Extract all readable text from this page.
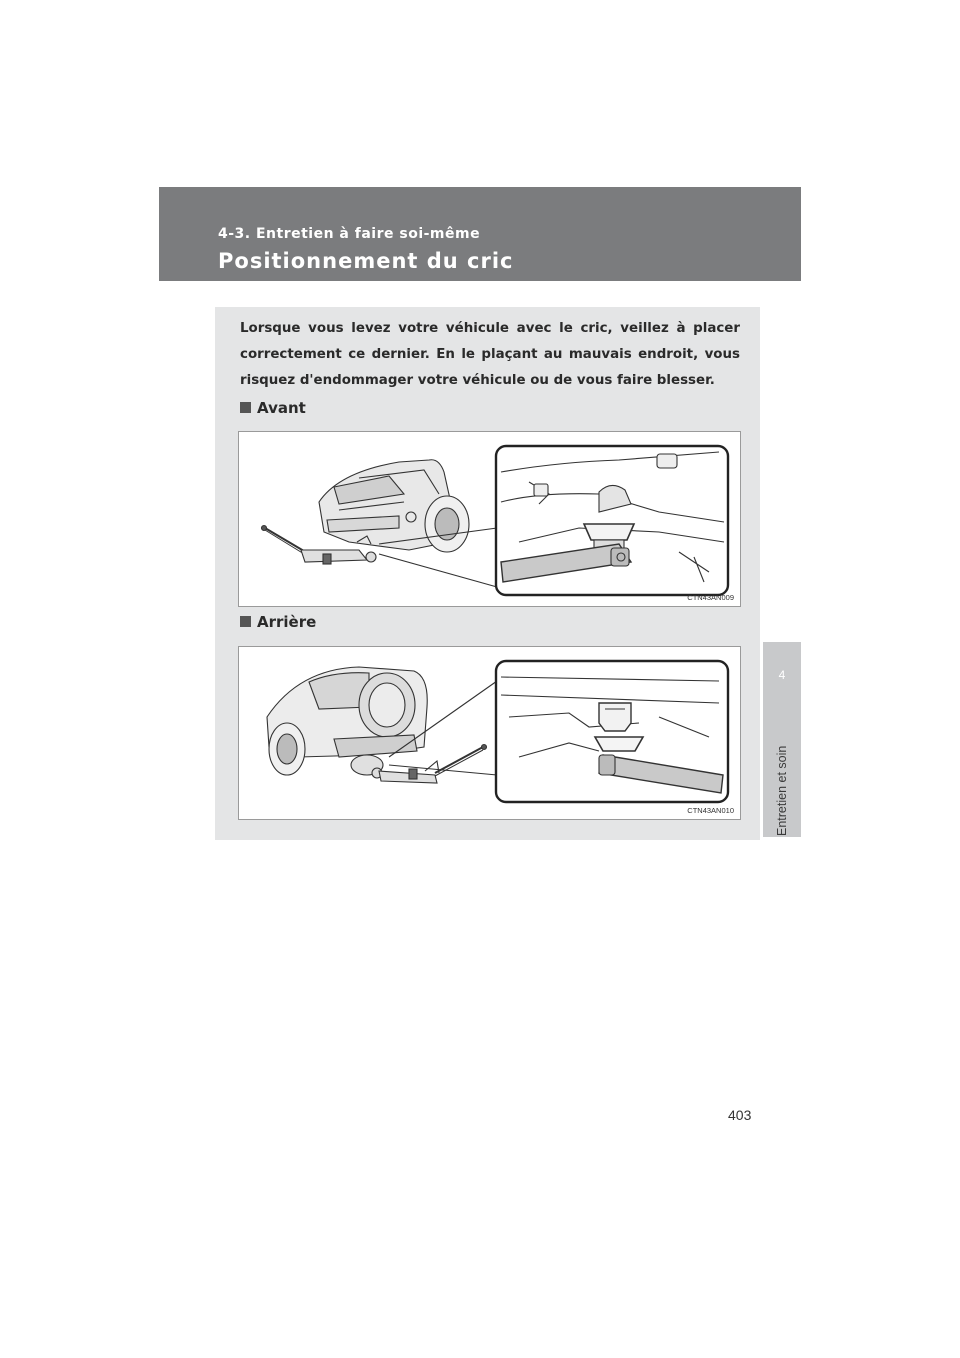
4-3. Entretien à faire soi-même
Positionnement du cric
4
Entretien et soin
Lorsque vous levez votre véhicule avec le cric, veillez à placer correctement ce dernier. En le plaçant au mauvais endroit, vous risquez d'endommager votre véhicule ou de vous faire blesser.
Avant
CTN43AN009
Arrière
CTN43AN010
403
